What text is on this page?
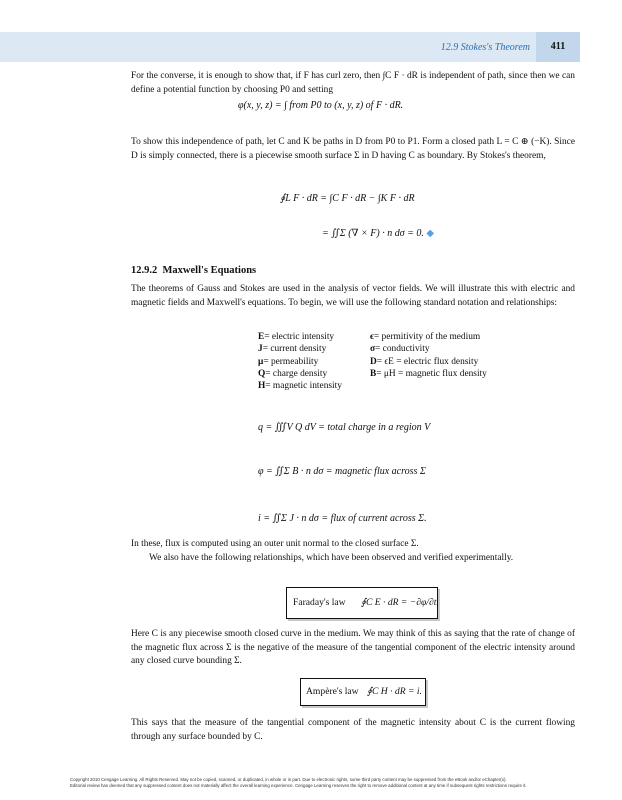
12.9 Stokes's Theorem	411
For the converse, it is enough to show that, if F has curl zero, then ∫C F · dR is independent of path, since then we can define a potential function by choosing P0 and setting
φ(x, y, z) = ∫ from P0 to (x, y, z) of F · dR.
To show this independence of path, let C and K be paths in D from P0 to P1. Form a closed path L = C ⊕ (−K). Since D is simply connected, there is a piecewise smooth surface Σ in D having C as boundary. By Stokes's theorem,
∮L F · dR = ∫C F · dR − ∫K F · dR
= ∬Σ (∇ × F) · n dσ = 0. ◆
12.9.2 Maxwell's Equations
The theorems of Gauss and Stokes are used in the analysis of vector fields. We will illustrate this with electric and magnetic fields and Maxwell's equations. To begin, we will use the following standard notation and relationships:
E= electric intensity	ϵ= permitivity of the medium
J= current density	σ= conductivity
μ= permeability	D= ϵE = electric flux density
Q= charge density	B= μH = magnetic flux density
H= magnetic intensity	
q = ∭V Q dV = total charge in a region V
φ = ∬Σ B · n dσ = magnetic flux across Σ
i = ∬Σ J · n dσ = flux of current across Σ.
In these, flux is computed using an outer unit normal to the closed surface Σ.
We also have the following relationships, which have been observed and verified experimentally.
Faraday's law ∮C E · dR = −∂φ/∂t.
Here C is any piecewise smooth closed curve in the medium. We may think of this as saying that the rate of change of the magnetic flux across Σ is the negative of the measure of the tangential component of the electric intensity around any closed curve bounding Σ.
Ampère's law ∮C H · dR = i.
This says that the measure of the tangential component of the magnetic intensity about C is the current flowing through any surface bounded by C.
Copyright 2010 Cengage Learning. All Rights Reserved. May not be copied, scanned, or duplicated, in whole or in part. Due to electronic rights, some third party content may be suppressed from the eBook and/or eChapter(s).
Editorial review has deemed that any suppressed content does not materially affect the overall learning experience. Cengage Learning reserves the right to remove additional content at any time if subsequent rights restrictions require it.
